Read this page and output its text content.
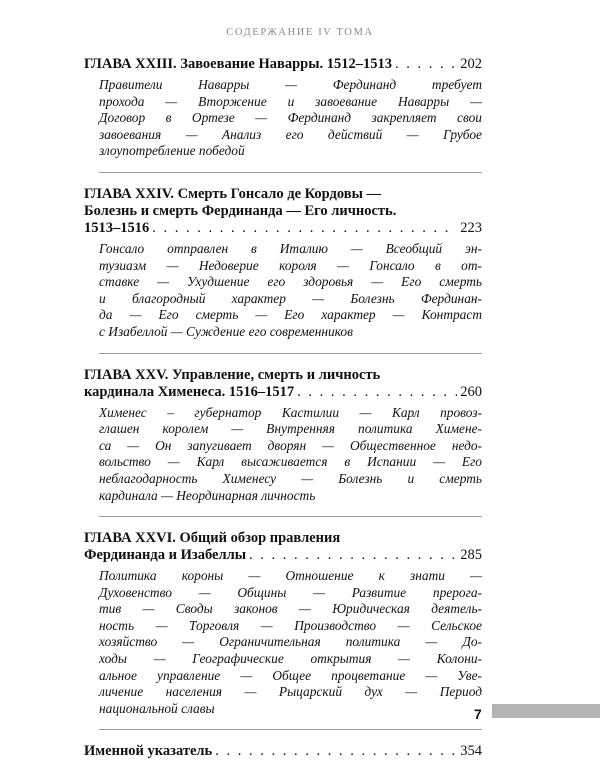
СОДЕРЖАНИЕ IV ТОМА
ГЛАВА XXIII. Завоевание Наварры. 1512–1513 . . .	202
Правители Наварры — Фердинанд требует
прохода — Вторжение и завоевание Наварры —
Договор в Ортезе — Фердинанд закрепляет свои
завоевания — Анализ его действий — Грубое
злоупотребление победой
ГЛАВА XXIV. Смерть Гонсало де Кордовы —
Болезнь и смерть Фердинанда — Его личность.
1513–1516 . . .	223
Гонсало отправлен в Италию — Всеобщий эн-
тузиазм — Недоверие короля — Гонсало в от-
ставке — Ухудшение его здоровья — Его смерть
и благородный характер — Болезнь Фердинан-
да — Его смерть — Его характер — Контраст
с Изабеллой — Суждение его современников
ГЛАВА XXV. Управление, смерть и личность
кардинала Хименеса. 1516–1517 . . .	260
Хименес – губернатор Кастилии — Карл провоз-
глашен королем — Внутренняя политика Хименe-
са — Он запугивает дворян — Общественное недо-
вольство — Карл высаживается в Испании — Его
неблагодарность Хименесу — Болезнь и смерть
кардинала — Неординарная личность
ГЛАВА XXVI. Общий обзор правления
Фердинанда и Изабеллы . . .	285
Политика короны — Отношение к знати —
Духовенство — Общины — Развитие прерога-
тив — Своды законов — Юридическая деятель-
ность — Торговля — Производство — Сельское
хозяйство — Ограничительная политика — До-
ходы — Географические открытия — Колони-
альное управление — Общее процветание — Уве-
личение населения — Рыцарский дух — Период
национальной славы
Именной указатель . . .	354
7
